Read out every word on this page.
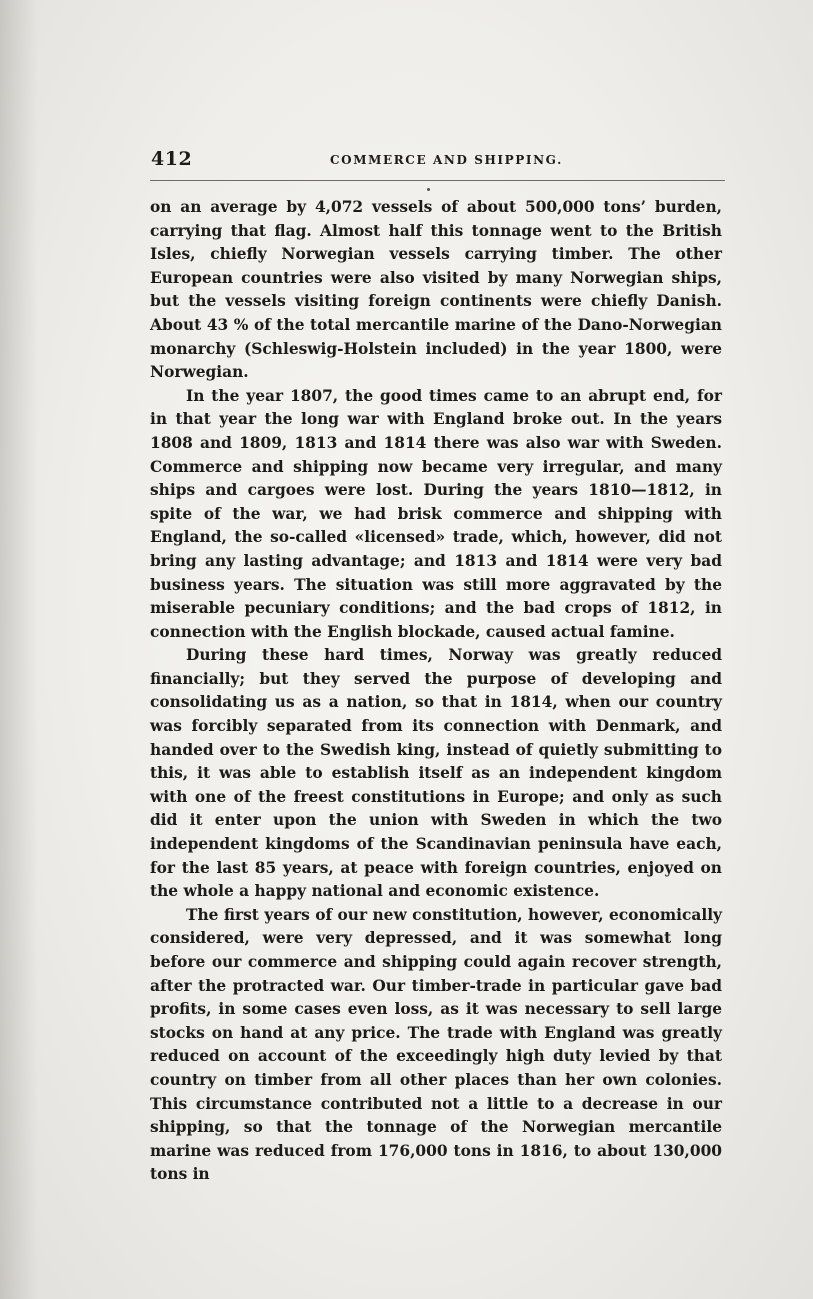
412	COMMERCE AND SHIPPING.

on an average by 4,072 vessels of about 500,000 tons’ burden, carrying that flag. Almost half this tonnage went to the British Isles, chiefly Norwegian vessels carrying timber. The other European countries were also visited by many Norwegian ships, but the vessels visiting foreign continents were chiefly Danish. About 43 % of the total mercantile marine of the Dano-Norwegian monarchy (Schleswig-Holstein included) in the year 1800, were Norwegian.

In the year 1807, the good times came to an abrupt end, for in that year the long war with England broke out. In the years 1808 and 1809, 1813 and 1814 there was also war with Sweden. Commerce and shipping now became very irregular, and many ships and cargoes were lost. During the years 1810—1812, in spite of the war, we had brisk commerce and shipping with England, the so-called «licensed» trade, which, however, did not bring any lasting advantage; and 1813 and 1814 were very bad business years. The situation was still more aggravated by the miserable pecuniary conditions; and the bad crops of 1812, in connection with the English blockade, caused actual famine.

During these hard times, Norway was greatly reduced financially; but they served the purpose of developing and consolidating us as a nation, so that in 1814, when our country was forcibly separated from its connection with Denmark, and handed over to the Swedish king, instead of quietly submitting to this, it was able to establish itself as an independent kingdom with one of the freest constitutions in Europe; and only as such did it enter upon the union with Sweden in which the two independent kingdoms of the Scandinavian peninsula have each, for the last 85 years, at peace with foreign countries, enjoyed on the whole a happy national and economic existence.

The first years of our new constitution, however, economically considered, were very depressed, and it was somewhat long before our commerce and shipping could again recover strength, after the protracted war. Our timber-trade in particular gave bad profits, in some cases even loss, as it was necessary to sell large stocks on hand at any price. The trade with England was greatly reduced on account of the exceedingly high duty levied by that country on timber from all other places than her own colonies. This circumstance contributed not a little to a decrease in our shipping, so that the tonnage of the Norwegian mercantile marine was reduced from 176,000 tons in 1816, to about 130,000 tons in
